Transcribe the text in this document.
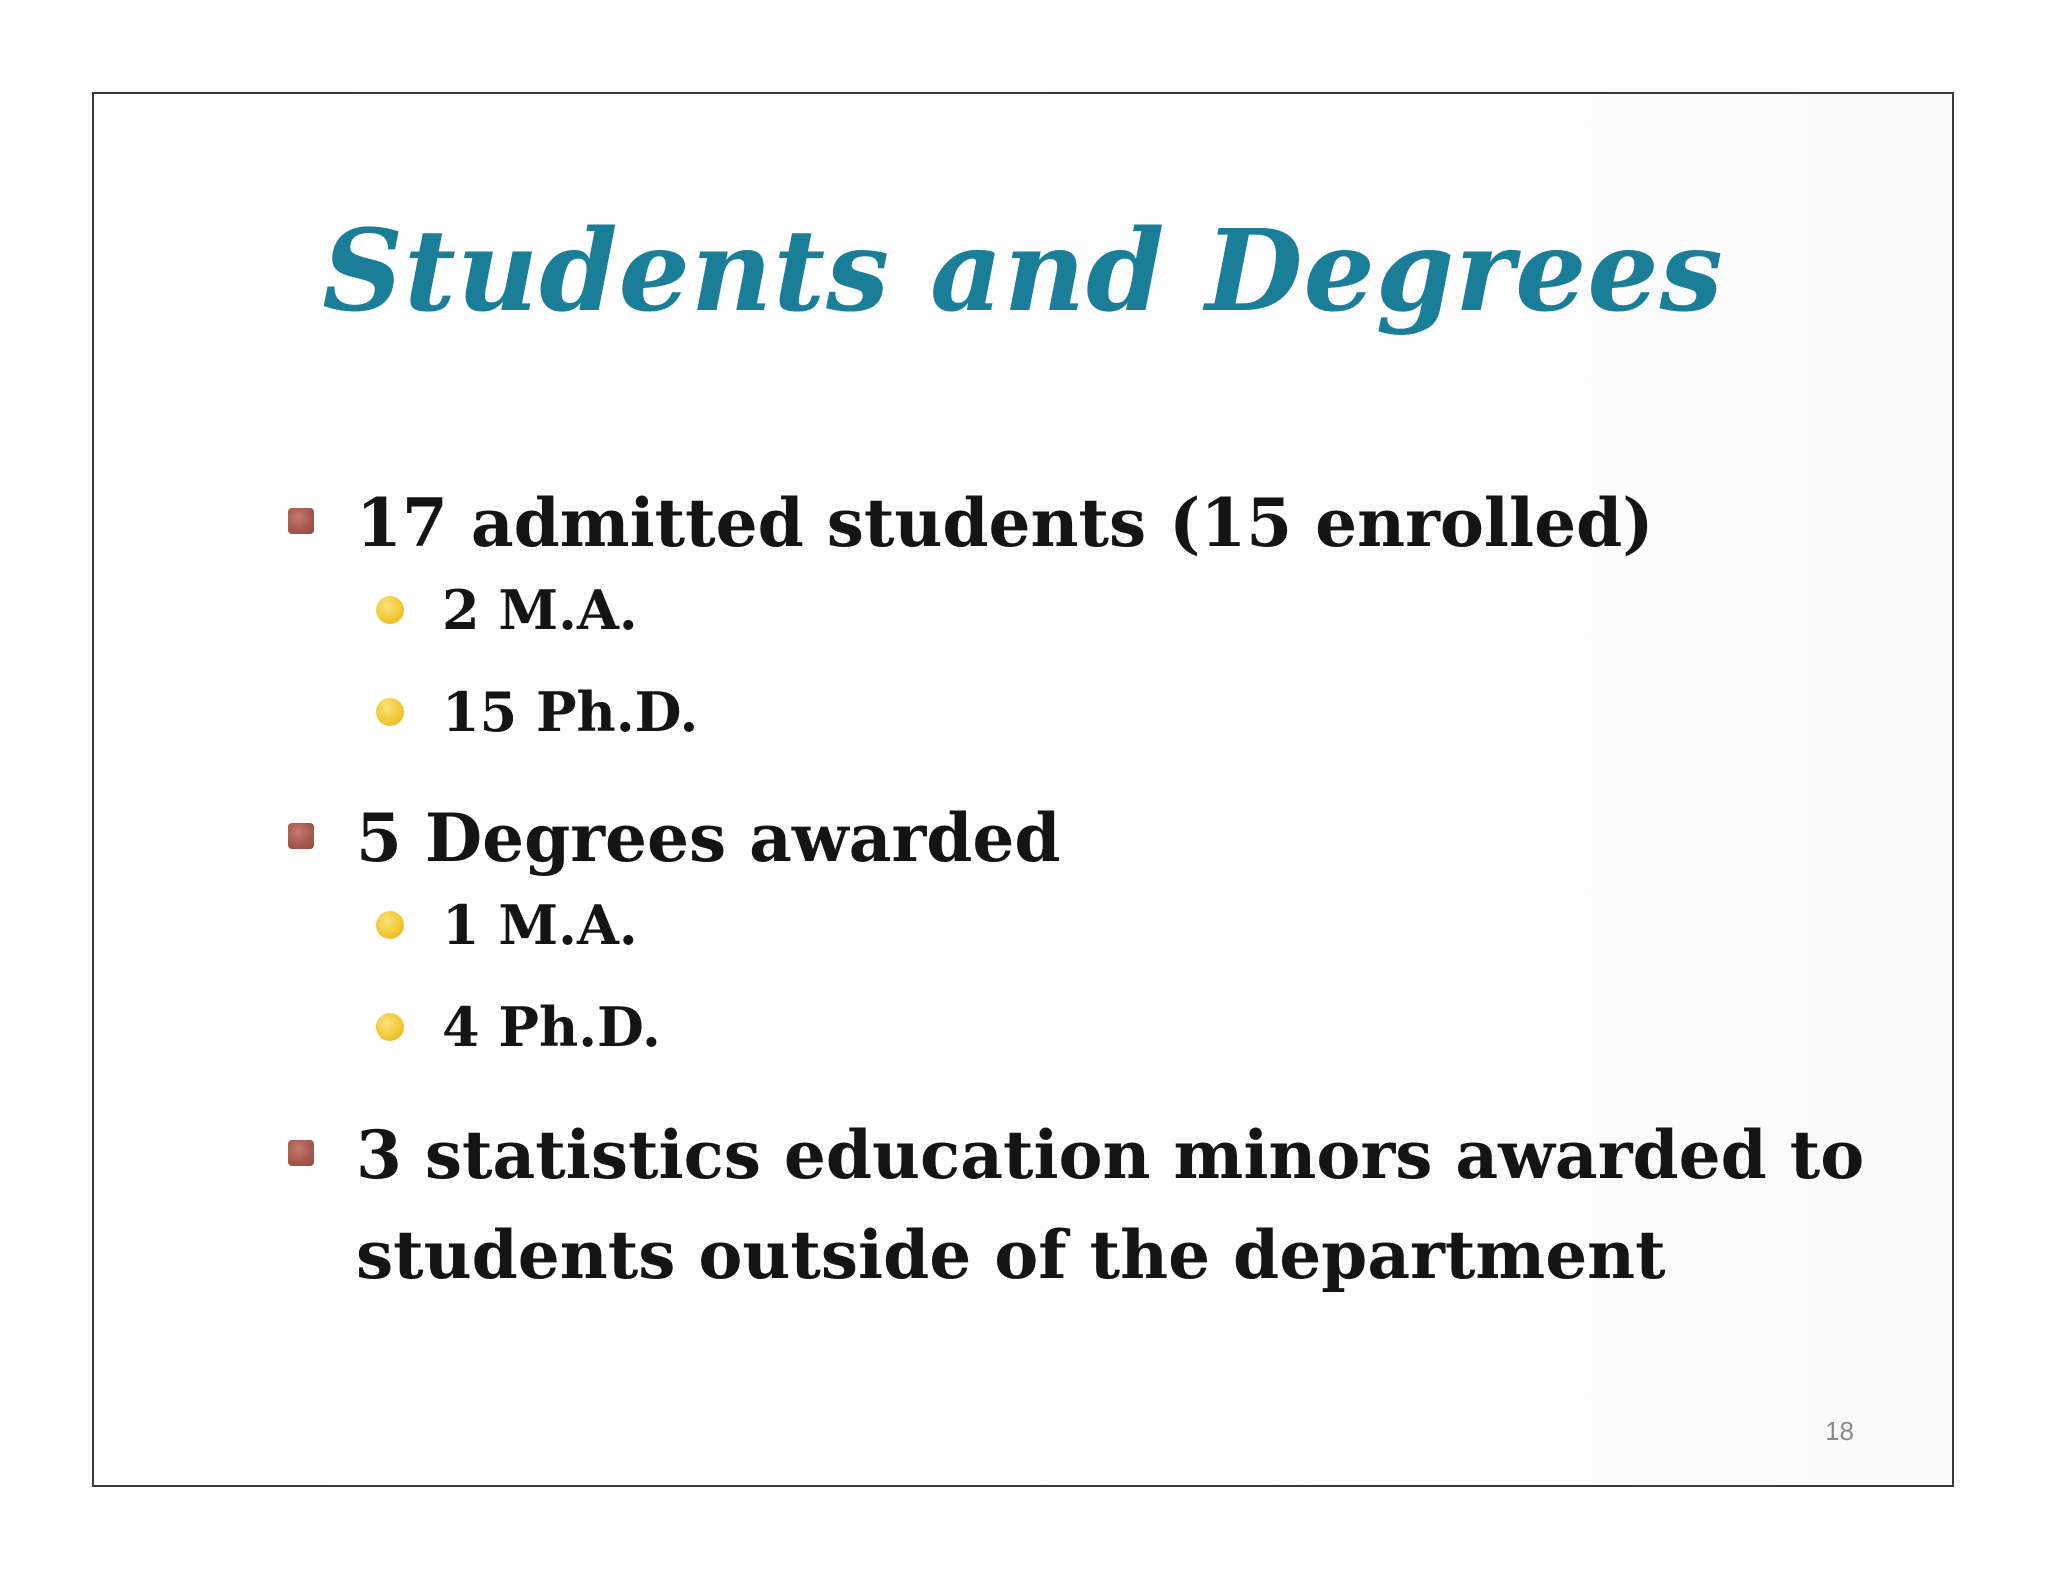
Students and Degrees
17 admitted students (15 enrolled)
2 M.A.
15 Ph.D.
5 Degrees awarded
1 M.A.
4 Ph.D.
3 statistics education minors awarded to
students outside of the department
18
